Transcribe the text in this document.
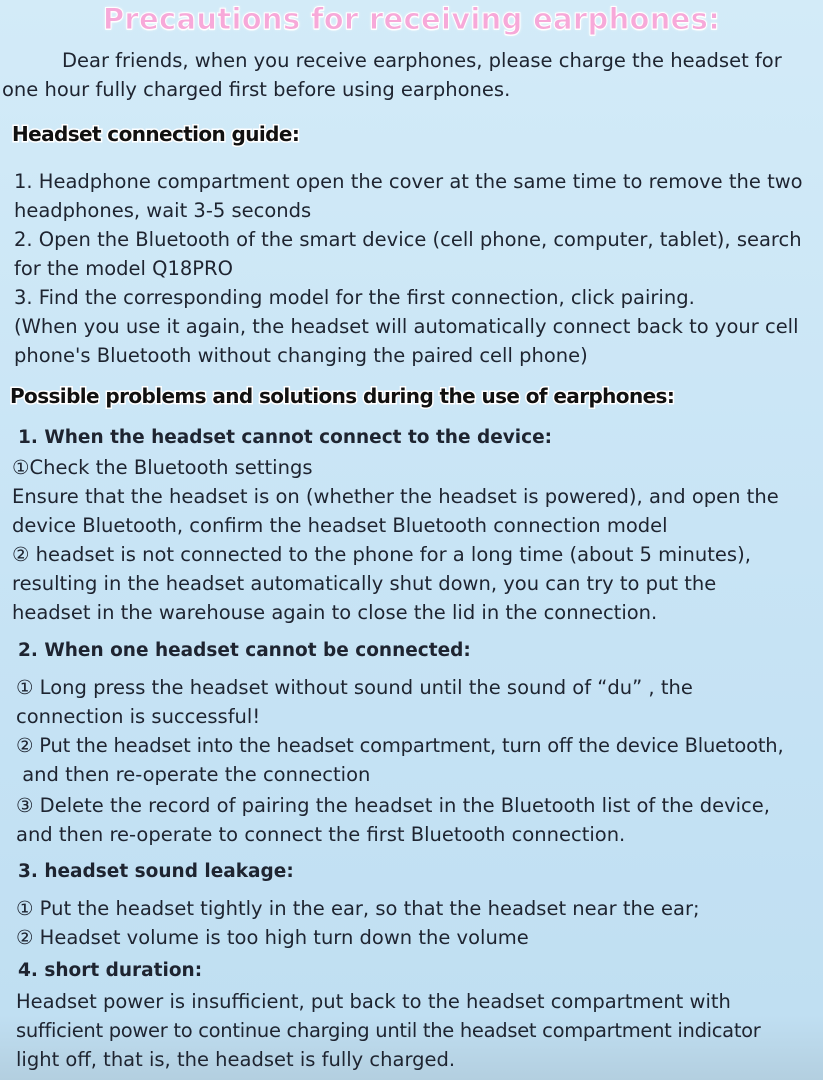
Precautions for receiving earphones:
Dear friends, when you receive earphones, please charge the headset for
one hour fully charged first before using earphones.
Headset connection guide:
1. Headphone compartment open the cover at the same time to remove the two
headphones, wait 3-5 seconds
2. Open the Bluetooth of the smart device (cell phone, computer, tablet), search
for the model Q18PRO
3. Find the corresponding model for the first connection, click pairing.
(When you use it again, the headset will automatically connect back to your cell
phone's Bluetooth without changing the paired cell phone)
Possible problems and solutions during the use of earphones:
1. When the headset cannot connect to the device:
①Check the Bluetooth settings
Ensure that the headset is on (whether the headset is powered), and open the
device Bluetooth, confirm the headset Bluetooth connection model
② headset is not connected to the phone for a long time (about 5 minutes),
resulting in the headset automatically shut down, you can try to put the
headset in the warehouse again to close the lid in the connection.
2. When one headset cannot be connected:
① Long press the headset without sound until the sound of “du” , the
connection is successful!
② Put the headset into the headset compartment, turn off the device Bluetooth,
and then re-operate the connection
③ Delete the record of pairing the headset in the Bluetooth list of the device,
and then re-operate to connect the first Bluetooth connection.
3. headset sound leakage:
① Put the headset tightly in the ear, so that the headset near the ear;
② Headset volume is too high turn down the volume
4. short duration:
Headset power is insufficient, put back to the headset compartment with
sufficient power to continue charging until the headset compartment indicator
light off, that is, the headset is fully charged.
